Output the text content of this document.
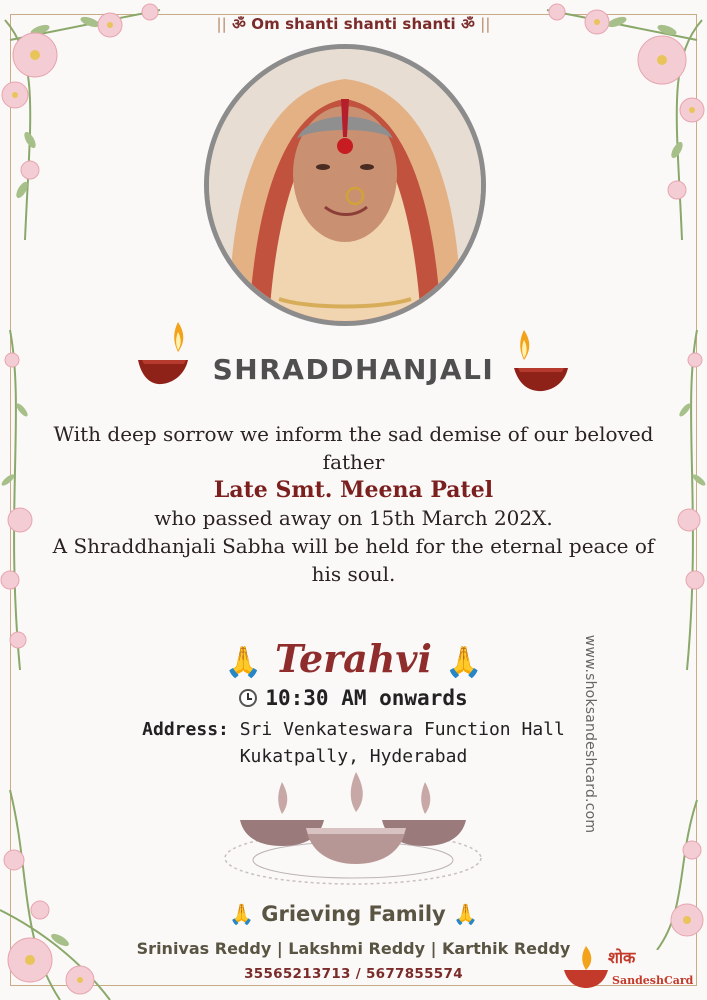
|| ॐ Om shanti shanti shanti ॐ ||
SHRADDHANJALI
With deep sorrow we inform the sad demise of our beloved father
Late Smt. Meena Patel
who passed away on 15th March 202X.
A Shraddhanjali Sabha will be held for the eternal peace of his soul.
🙏 Terahvi 🙏
10:30 AM onwards
Address: Sri Venkateswara Function Hall
Kukatpally, Hyderabad
🙏 Grieving Family 🙏
Srinivas Reddy | Lakshmi Reddy | Karthik Reddy
35565213713 / 5677855574
www.shoksandeshcard.com
शोक
SandeshCard
